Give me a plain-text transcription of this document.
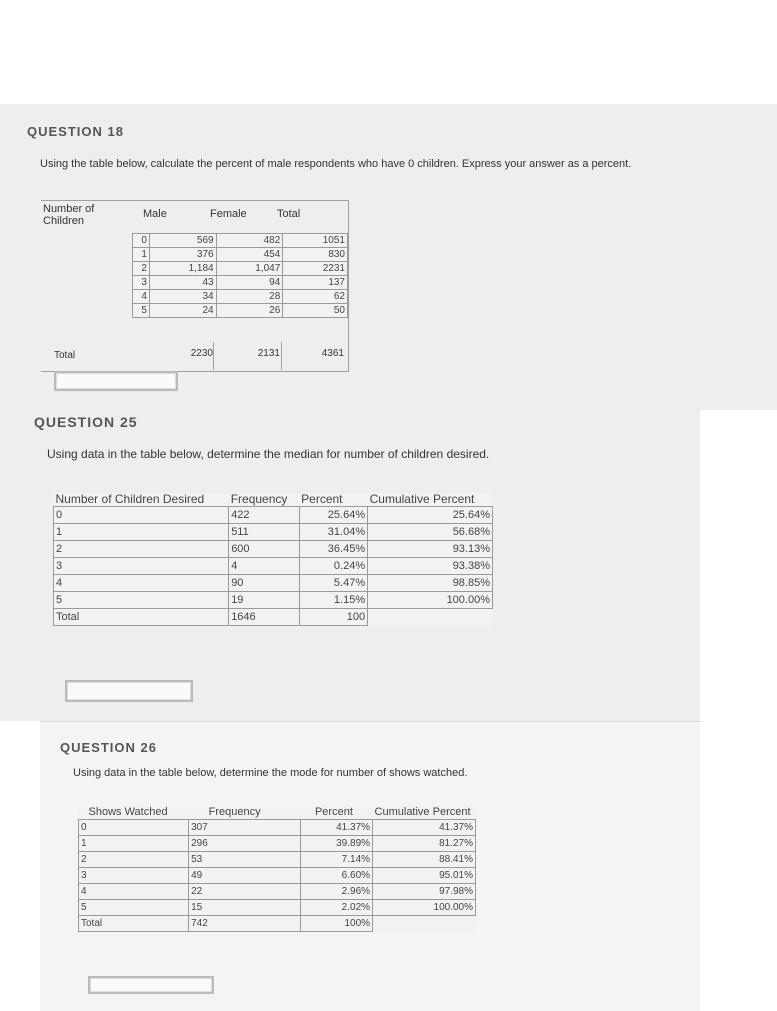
QUESTION 18
Using the table below, calculate the percent of male respondents who have 0 children. Express your answer as a percent.
Number of Children
Male	Female	Total
0	569	482	1051
1	376	454	830
2	1,184	1,047	2231
3	43	94	137
4	34	28	62
5	24	26	50
Total	2230	2131	4361
QUESTION 25
Using data in the table below, determine the median for number of children desired.
Number of Children Desired	Frequency	Percent	Cumulative Percent
0	422	25.64%	25.64%
1	511	31.04%	56.68%
2	600	36.45%	93.13%
3	4	0.24%	93.38%
4	90	5.47%	98.85%
5	19	1.15%	100.00%
Total	1646	100	
QUESTION 26
Using data in the table below, determine the mode for number of shows watched.
Shows Watched	Frequency	Percent	Cumulative Percent
0	307	41.37%	41.37%
1	296	39.89%	81.27%
2	53	7.14%	88.41%
3	49	6.60%	95.01%
4	22	2.96%	97.98%
5	15	2.02%	100.00%
Total	742	100%	
